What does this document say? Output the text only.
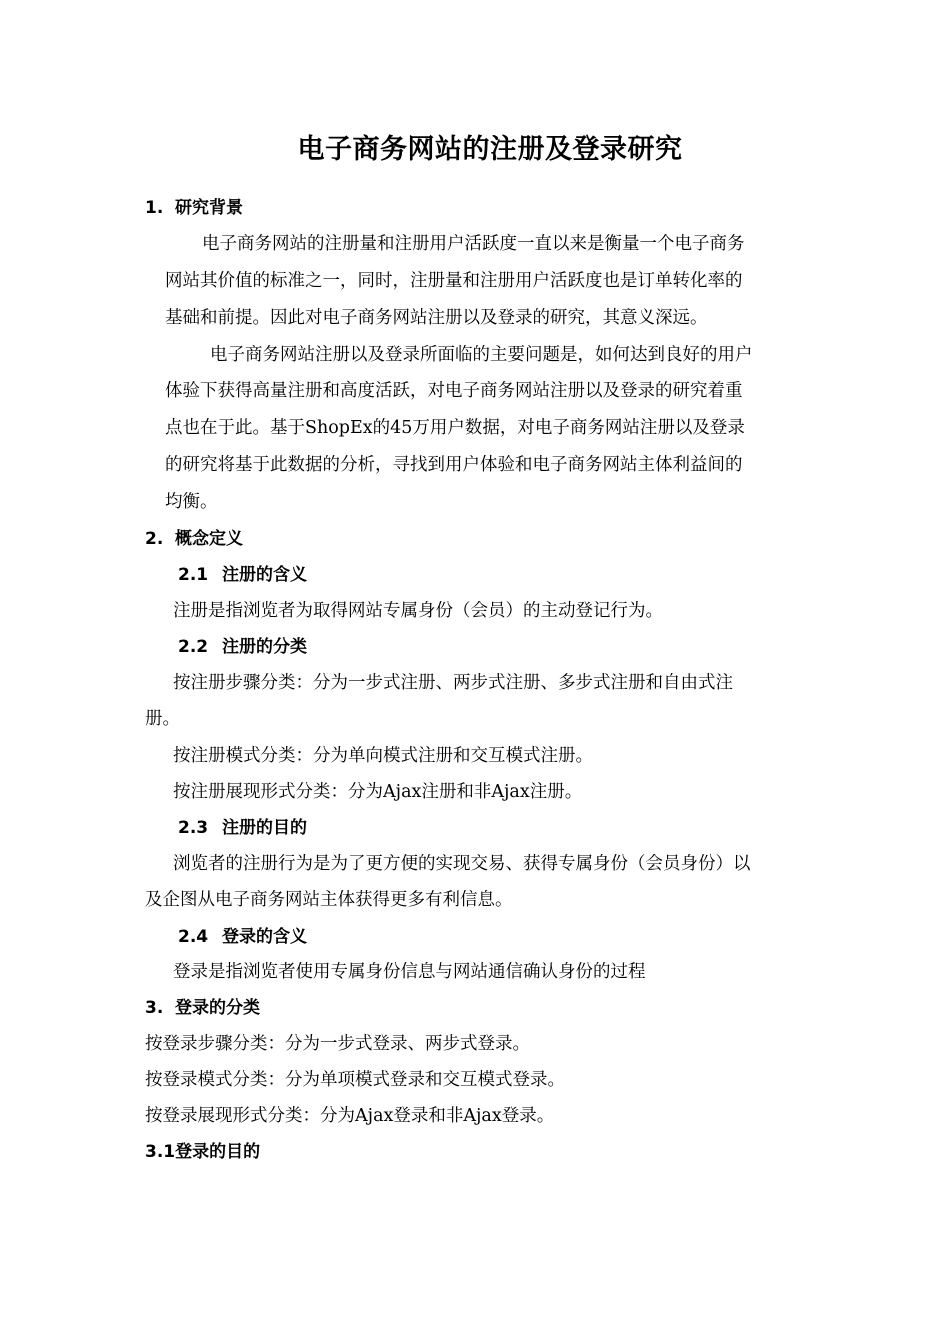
电子商务网站的注册及登录研究
1. 研究背景
电子商务网站的注册量和注册用户活跃度一直以来是衡量一个电子商务
网站其价值的标准之一，同时，注册量和注册用户活跃度也是订单转化率的
基础和前提。因此对电子商务网站注册以及登录的研究，其意义深远。
电子商务网站注册以及登录所面临的主要问题是，如何达到良好的用户
体验下获得高量注册和高度活跃，对电子商务网站注册以及登录的研究着重
点也在于此。基于ShopEx的45万用户数据，对电子商务网站注册以及登录
的研究将基于此数据的分析，寻找到用户体验和电子商务网站主体利益间的
均衡。
2. 概念定义
2.1 注册的含义
注册是指浏览者为取得网站专属身份（会员）的主动登记行为。
2.2 注册的分类
按注册步骤分类：分为一步式注册、两步式注册、多步式注册和自由式注
册。
按注册模式分类：分为单向模式注册和交互模式注册。
按注册展现形式分类：分为Ajax注册和非Ajax注册。
2.3 注册的目的
浏览者的注册行为是为了更方便的实现交易、获得专属身份（会员身份）以
及企图从电子商务网站主体获得更多有利信息。
2.4 登录的含义
登录是指浏览者使用专属身份信息与网站通信确认身份的过程
3. 登录的分类
按登录步骤分类：分为一步式登录、两步式登录。
按登录模式分类：分为单项模式登录和交互模式登录。
按登录展现形式分类：分为Ajax登录和非Ajax登录。
3.1登录的目的
